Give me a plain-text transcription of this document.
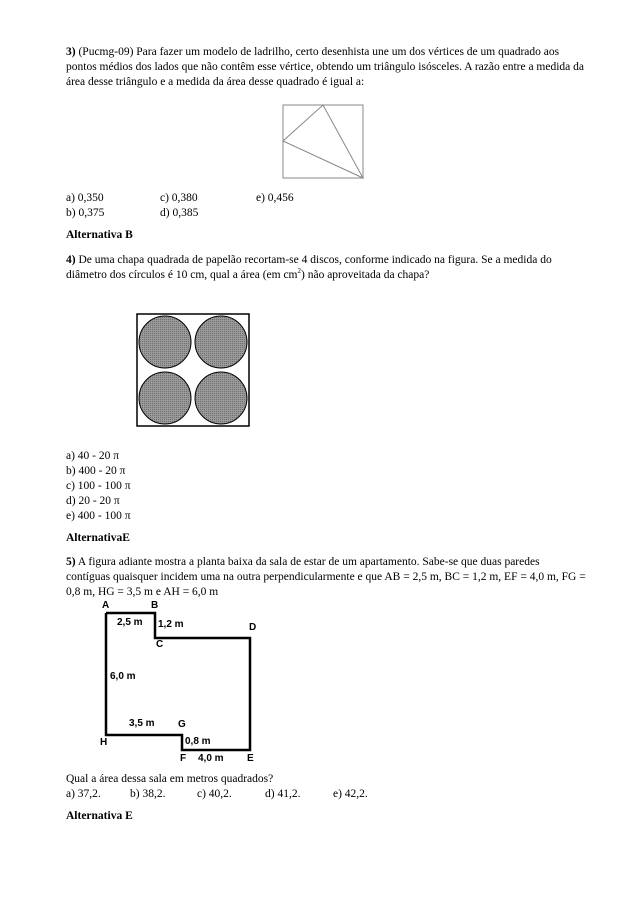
3) (Pucmg-09) Para fazer um modelo de ladrilho, certo desenhista une um dos vértices de um quadrado aos pontos médios dos lados que não contêm esse vértice, obtendo um triângulo isósceles. A razão entre a medida da área desse triângulo e a medida da área desse quadrado é igual a:
a) 0,350	c) 0,380	e) 0,456
b) 0,375	d) 0,385
Alternativa B
4) De uma chapa quadrada de papelão recortam-se 4 discos, conforme indicado na figura. Se a medida do diâmetro dos círculos é 10 cm, qual a área (em $cm^2$) não aproveitada da chapa?
a) 40 - 20 π
b) 400 - 20 π
c) 100 - 100 π
d) 20 - 20 π
e) 400 - 100 π
AlternativaE
5) A figura adiante mostra a planta baixa da sala de estar de um apartamento. Sabe-se que duas paredes contíguas quaisquer incidem uma na outra perpendicularmente e que AB = 2,5 m, BC = 1,2 m, EF = 4,0 m, FG = 0,8 m, HG = 3,5 m e AH = 6,0 m
A	B
C
D
E
F
G
H
2,5 m 1,2 m
6,0 m
3,5 m
0,8 m
4,0 m
Qual a área dessa sala em metros quadrados?
a) 37,2.	b) 38,2.	c) 40,2.	d) 41,2.	e) 42,2.
Alternativa E
